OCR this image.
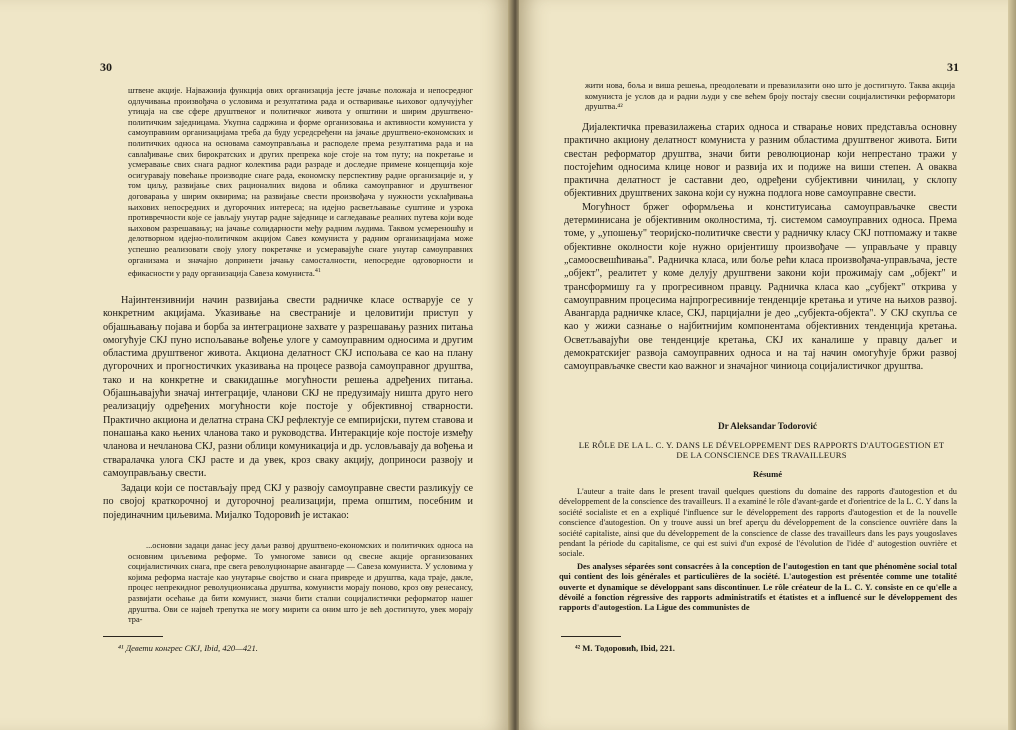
30

штвене акције. Најважнија функција ових организација јесте јачање положаја и непосредног одлучивања произвођача о условима и резултатима рада и остваривање њиховог одлучујућег утицаја на све сфере друштвеног и политичког живота у општини и ширим друштвено-политичким заједницама. Укупна садржина и форме организовања и активности комуниста у самоуправним организацијама треба да буду усредсређени на јачање друштвено-економских и политичких односа на основама самоуправљања и расподеле према резултатима рада и на савлађивање свих бирократских и других препрека које стоје на том путу; на покретање и усмеравање свих снага радног колектива ради разраде и доследне примене концепција које осигуравају повећање производне снаге рада, економску перспективу радне организације и, у том циљу, развијање свих рационалних видова и облика самоуправног и друштвеног договарања у ширим оквирима; на развијање свести произвођача у нужности усклађивања њихових непосредних и дугорочних интереса; на идејно расветљавање суштине и узрока противречности које се јављају унутар радне заједнице и сагледавање реалних путева који воде њиховом разрешавању; на јачање солидарности међу радним људима. Таквом усмереношћу и делотворном идејно-политичком акцијом Савез комуниста у радним организацијама може успешно реализовати своју улогу покретачке и усмеравајуће снаге унутар самоуправних организама и значајно допринети јачању самосталности, непосредне одговорности и ефикасности у раду организација Савеза комуниста.$^{41}$

Најинтензивнији начин развијања свести радничке класе остварује се у конкретним акцијама. Указивање на свестраније и целовитији приступ у објашњавању појава и борба за интеграционе захвате у разрешавању разних питања омогућује СКЈ пуно испољавање вођење улоге у самоуправним односима и другим областима друштвеног живота. Акциона делатност СКЈ испољава се као на плану дугорочних и прогностичких указивања на процесе развоја самоуправног друштва, тако и на конкретне и свакидашње могућности решења адређених питања. Објашњавајући значај интеграције, чланови СКЈ не предузимају ништа друго него реализацију одређених могућности које постоје у објективној стварности. Практично акциона и делатна страна СКЈ рефлектује се емпиријски, путем ставова и понашања како њених чланова тако и руководства. Интеракције које постоје између чланова и нечланова СКЈ, разни облици комуникација и др. условљавају да вођења и стваралачка улога СКЈ расте и да увек, кроз сваку акцију, доприноси развоју и самоуправљању свести.

Задаци који се постављају пред СКЈ у развоју самоуправне свести разликују се по својој краткорочној и дугорочној реализацији, према општим, посебним и појединачним циљевима. Мијалко Тодоровић је истакао:

...основни задаци данас јесу даљи развој друштвено-економских и политичких односа на основним циљевима реформе. То умногоме зависи од свесне акције организованих социјалистичких снага, пре свега револуционарне авангарде — Савеза комуниста. У условима у којима реформа настаје као унутарње својство и снага привреде и друштва, када траје, дакле, процес непрекидног револуционисања друштва, комунисти морају поново, кроз ову ренесансу, развијати осећање да бити комунист, значи бити стални социјалистички реформатор нашег друштва. Ови се највећ трепутка не могу мирити са оним што је већ достигнуто, увек морају тра-

⁴¹ Девети конгрес СКЈ, Ibid, 420—421.
31

жити нова, боља и виша решења, преодолевати и превазилазити оно што је достигнуто. Таква акција комуниста је услов да и радни људи у све већем броју постају свесни социјалистички реформатори друштва.⁴²

Дијалектичка превазилажења старих односа и стварање нових представља основну практично акциону делатност комуниста у разним областима друштвеног живота. Бити свестан реформатор друштва, значи бити революционар који непрестано тражи у постојећим односима клице новог и развија их и подиже на виши степен. А оваква практична делатност је саставни део, одређени субјективни чинилац, у склопу објективних друштвених закона који су нужна подлога нове самоуправне свести.

Могућност бржег оформљења и конституисања самоуправљачке свести детерминисана је објективним околностима, тј. системом самоуправних односа. Према томе, у „упошењу" теоријско-политичке свести у радничку класу СКЈ потпомажу и такве објективне околности које нужно оријентишу произвођаче — управљаче у правцу „самоосвешћивања". Радничка класа, или боље рећи класа произвођача-управљача, јесте „објект", реалитет у коме делују друштвени закони који прожимају сам „објект" и трансформишу га у прогресивном правцу. Радничка класа као „субјект" открива у самоуправним процесима најпрогресивније тенденције кретања и утиче на њихов развој. Авангарда радничке класе, СКЈ, парцијални је део „субјекта-објекта". У СКЈ скупља се као у жижи сазнање о најбитнијим компонентама објективних тенденција кретања. Осветљавајући ове тенденције кретања, СКЈ их каналише у правцу даљег и демократскијег развоја самоуправних односа и на тај начин омогућује бржи развој самоуправљачке свести као важног и значајног чиниоца социјалистичког друштва.

Dr Aleksandar Todorović
LE RÔLE DE LA L. C. Y. DANS LE DÉVELOPPEMENT DES RAPPORTS D'AUTOGESTION ET DE LA CONSCIENCE DES TRAVAILLEURS
Résumé

L'auteur a traite dans le present travail quelques questions du domaine des rapports d'autogestion et du développement de la conscience des travailleurs. Il a examiné le rôle d'avant-garde et d'orientrice de la L. C. Y dans la société socialiste et en a expliqué l'influence sur le développement des rapports d'autogestion et de la nouvelle conscience d'autogestion. On y trouve aussi un bref aperçu du développement de la conscience ouvrière dans la société capitaliste, ainsi que du développement de la conscience de classe des travailleurs dans les pays yougoslaves pendant la période du capitalisme, ce qui est suivi d'un exposé de l'évolution de l'idée d' autogestion ouvrière et sociale.

Des analyses séparées sont consacrées à la conception de l'autogestion en tant que phénomène social total qui contient des lois générales et particulières de la société. L'autogestion est présentée comme une totalité ouverte et dynamique se développant sans discontinuer. Le rôle créateur de la L. C. Y. consiste en ce qu'elle a dévoilé a fonction régressive des rapports administratifs et étatistes et a influencé sur le développement des rapports d'autogestion. La Ligue des communistes de

⁴² М. Тодоровић, Ibid, 221.
